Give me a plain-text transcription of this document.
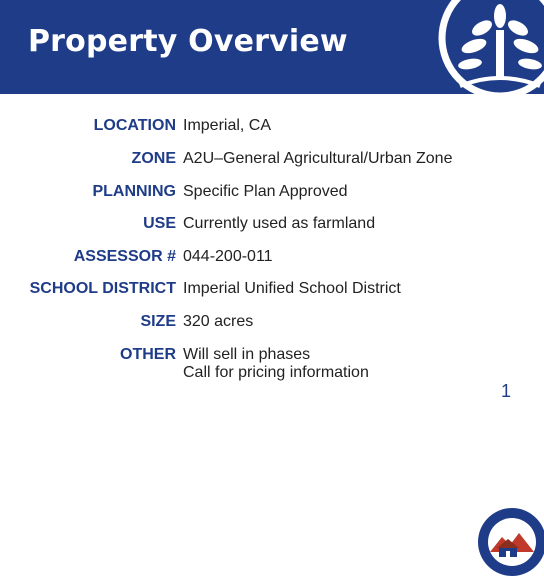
Property Overview
LOCATION Imperial, CA
ZONE A2U–General Agricultural/Urban Zone
PLANNING Specific Plan Approved
USE Currently used as farmland
ASSESSOR # 044-200-011
SCHOOL DISTRICT Imperial Unified School District
SIZE 320 acres
OTHER Will sell in phases
Call for pricing information
1
